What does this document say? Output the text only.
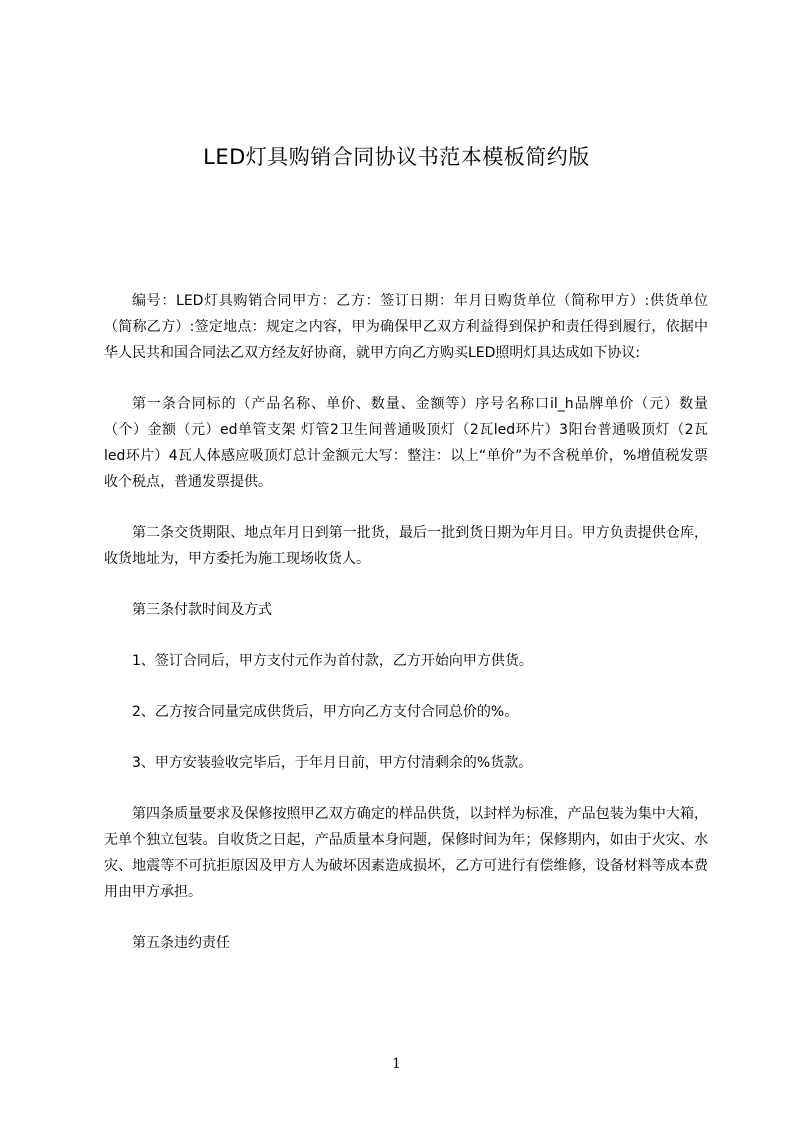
LED灯具购销合同协议书范本模板简约版

编号：LED灯具购销合同甲方：乙方：签订日期：年月日购货单位（简称甲方）:供货单位（简称乙方）:签定地点：规定之内容，甲为确保甲乙双方利益得到保护和责任得到履行，依据中华人民共和国合同法乙双方经友好协商，就甲方向乙方购买LED照明灯具达成如下协议:

第一条合同标的（产品名称、单价、数量、金额等）序号名称口il_h品牌单价（元）数量（个）金额（元）ed单管支架 灯管2卫生间普通吸顶灯（2瓦led环片）3阳台普通吸顶灯（2瓦led环片）4瓦人体感应吸顶灯总计金额元大写：整注：以上“单价”为不含税单价，%增值税发票收个税点，普通发票提供。

第二条交货期限、地点年月日到第一批货，最后一批到货日期为年月日。甲方负责提供仓库，收货地址为，甲方委托为施工现场收货人。

第三条付款时间及方式

1、签订合同后，甲方支付元作为首付款，乙方开始向甲方供货。

2、乙方按合同量完成供货后，甲方向乙方支付合同总价的%。

3、甲方安装验收完毕后，于年月日前，甲方付清剩余的%货款。

第四条质量要求及保修按照甲乙双方确定的样品供货，以封样为标准，产品包装为集中大箱，无单个独立包装。自收货之日起，产品质量本身问题，保修时间为年；保修期内，如由于火灾、水灾、地震等不可抗拒原因及甲方人为破坏因素造成损坏，乙方可进行有偿维修，设备材料等成本费用由甲方承担。

第五条违约责任

1
